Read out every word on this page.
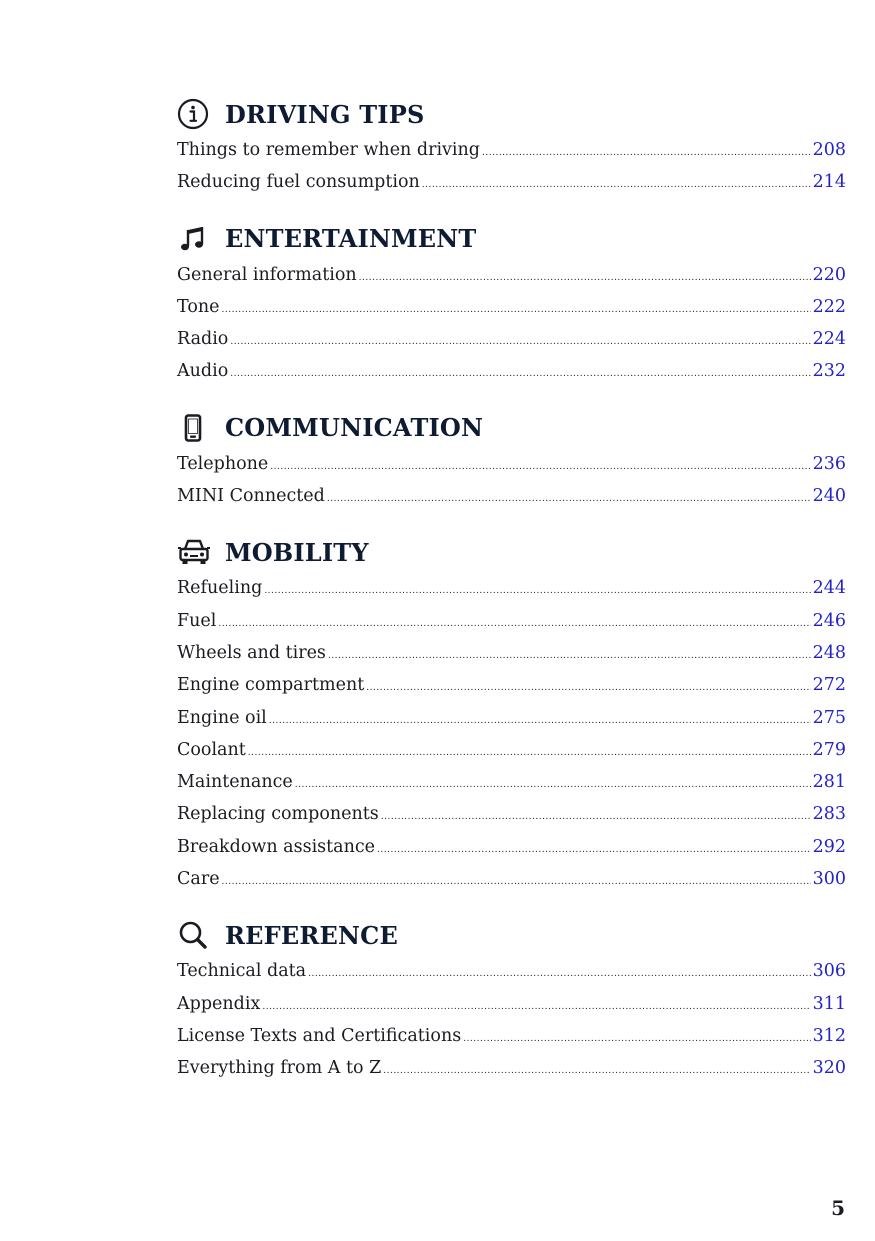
DRIVING TIPS
Things to remember when driving .....	208
Reducing fuel consumption .....	214
ENTERTAINMENT
General information .....	220
Tone .....	222
Radio .....	224
Audio .....	232
COMMUNICATION
Telephone .....	236
MINI Connected .....	240
MOBILITY
Refueling .....	244
Fuel .....	246
Wheels and tires .....	248
Engine compartment .....	272
Engine oil .....	275
Coolant .....	279
Maintenance .....	281
Replacing components .....	283
Breakdown assistance .....	292
Care .....	300
REFERENCE
Technical data .....	306
Appendix .....	311
License Texts and Certifications .....	312
Everything from A to Z .....	320
5
